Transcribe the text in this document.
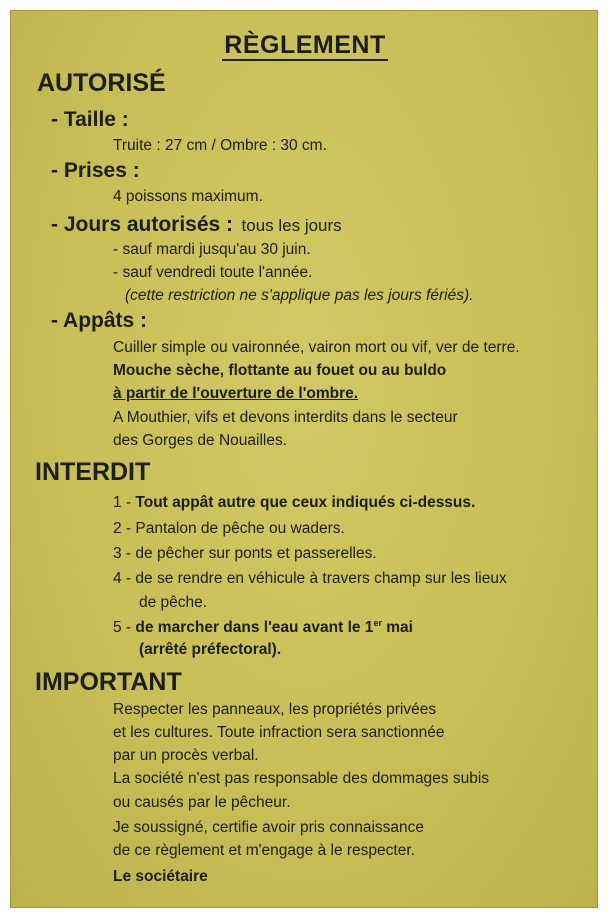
RÈGLEMENT
AUTORISÉ
- Taille :
Truite : 27 cm / Ombre : 30 cm.
- Prises :
4 poissons maximum.
- Jours autorisés : tous les jours
- sauf mardi jusqu'au 30 juin.
- sauf vendredi toute l'année.
(cette restriction ne s'applique pas les jours fériés).
- Appâts :
Cuiller simple ou vaironnée, vairon mort ou vif, ver de terre.
Mouche sèche, flottante au fouet ou au buldo
à partir de l'ouverture de l'ombre.
A Mouthier, vifs et devons interdits dans le secteur
des Gorges de Nouailles.
INTERDIT
1 - Tout appât autre que ceux indiqués ci-dessus.
2 - Pantalon de pêche ou waders.
3 - de pêcher sur ponts et passerelles.
4 - de se rendre en véhicule à travers champ sur les lieux
de pêche.
5 - de marcher dans l'eau avant le 1er mai
(arrêté préfectoral).
IMPORTANT
Respecter les panneaux, les propriétés privées
et les cultures. Toute infraction sera sanctionnée
par un procès verbal.
La société n'est pas responsable des dommages subis
ou causés par le pêcheur.
Je soussigné, certifie avoir pris connaissance
de ce règlement et m'engage à le respecter.
Le sociétaire
